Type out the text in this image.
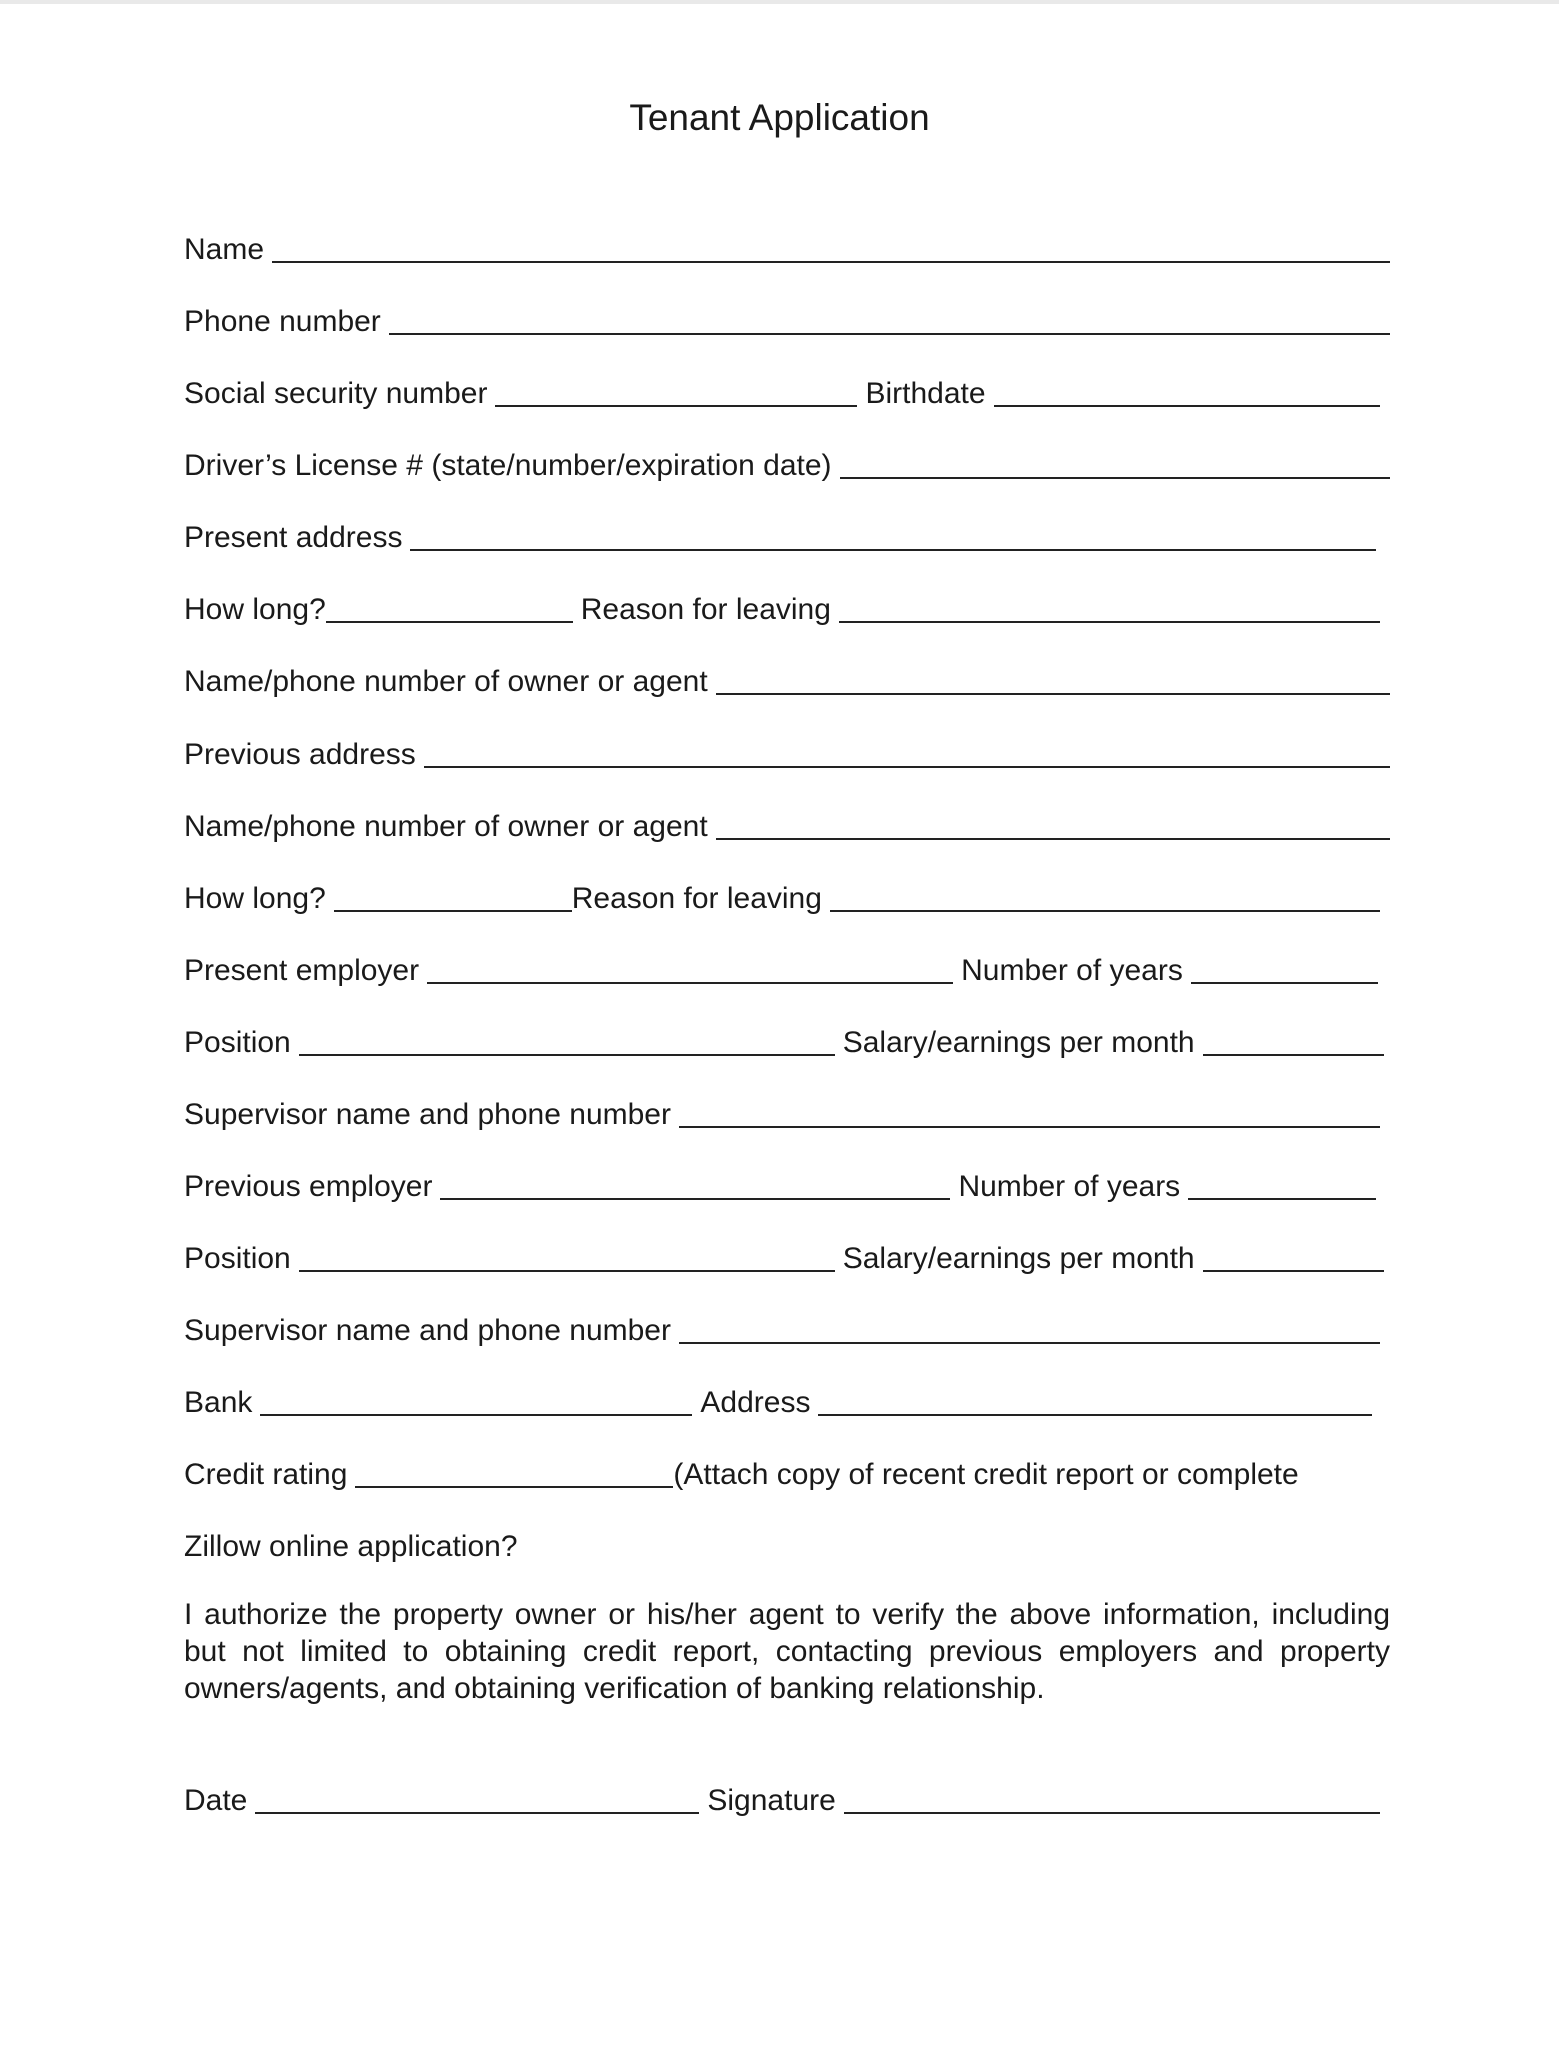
Tenant Application
Name
Phone number
Social security number	Birthdate
Driver’s License # (state/number/expiration date)
Present address
How long?	Reason for leaving
Name/phone number of owner or agent
Previous address
Name/phone number of owner or agent
How long?	Reason for leaving
Present employer	Number of years
Position	Salary/earnings per month
Supervisor name and phone number
Previous employer	Number of years
Position	Salary/earnings per month
Supervisor name and phone number
Bank	Address
Credit rating	(Attach copy of recent credit report or complete
Zillow online application?

I authorize the property owner or his/her agent to verify the above information, including but not limited to obtaining credit report, contacting previous employers and property owners/agents, and obtaining verification of banking relationship.

Date	Signature
